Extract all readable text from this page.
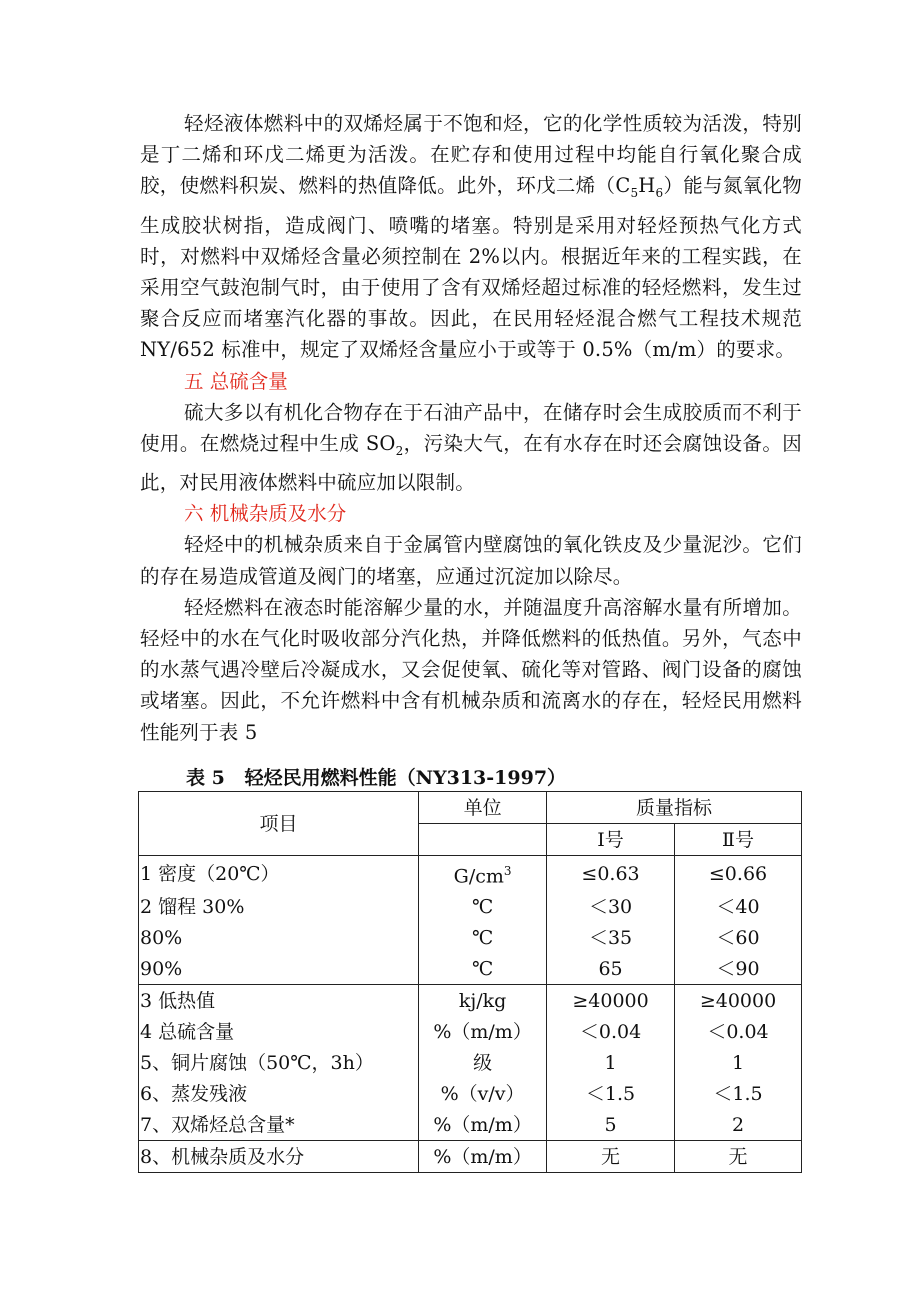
轻烃液体燃料中的双烯烃属于不饱和烃，它的化学性质较为活泼，特别是丁二烯和环戊二烯更为活泼。在贮存和使用过程中均能自行氧化聚合成胶，使燃料积炭、燃料的热值降低。此外，环戊二烯$(C_5H_6)$能与氮氧化物生成胶状树指，造成阀门、喷嘴的堵塞。特别是采用对轻烃预热气化方式时，对燃料中双烯烃含量必须控制在 2%以内。根据近年来的工程实践，在采用空气鼓泡制气时，由于使用了含有双烯烃超过标准的轻烃燃料，发生过聚合反应而堵塞汽化器的事故。因此，在民用轻烃混合燃气工程技术规范 NY/652 标准中，规定了双烯烃含量应小于或等于 0.5%（m/m）的要求。

五 总硫含量

硫大多以有机化合物存在于石油产品中，在储存时会生成胶质而不利于使用。在燃烧过程中生成 $SO_2$，污染大气，在有水存在时还会腐蚀设备。因此，对民用液体燃料中硫应加以限制。

六 机械杂质及水分

轻烃中的机械杂质来自于金属管内壁腐蚀的氧化铁皮及少量泥沙。它们的存在易造成管道及阀门的堵塞，应通过沉淀加以除尽。

轻烃燃料在液态时能溶解少量的水，并随温度升高溶解水量有所增加。轻烃中的水在气化时吸收部分汽化热，并降低燃料的低热值。另外，气态中的水蒸气遇冷壁后冷凝成水，又会促使氧、硫化等对管路、阀门设备的腐蚀或堵塞。因此，不允许燃料中含有机械杂质和流离水的存在，轻烃民用燃料性能列于表 5

表 5   轻烃民用燃料性能（NY313-1997）
项目	单位	质量指标	
		Ⅰ号	Ⅱ号
1 密度（20℃）	$G/cm^3$	≤0.63	≤0.66
2 馏程 30%	℃	＜30	＜40
80%	℃	＜35	＜60
90%	℃	65	＜90
3 低热值	kj/kg	≥40000	≥40000
4 总硫含量	%（m/m）	＜0.04	＜0.04
5、铜片腐蚀（50℃，3h）	级	1	1
6、蒸发残液	%（v/v）	＜1.5	＜1.5
7、双烯烃总含量*	%（m/m）	5	2
8、机械杂质及水分	%（m/m）	无	无
